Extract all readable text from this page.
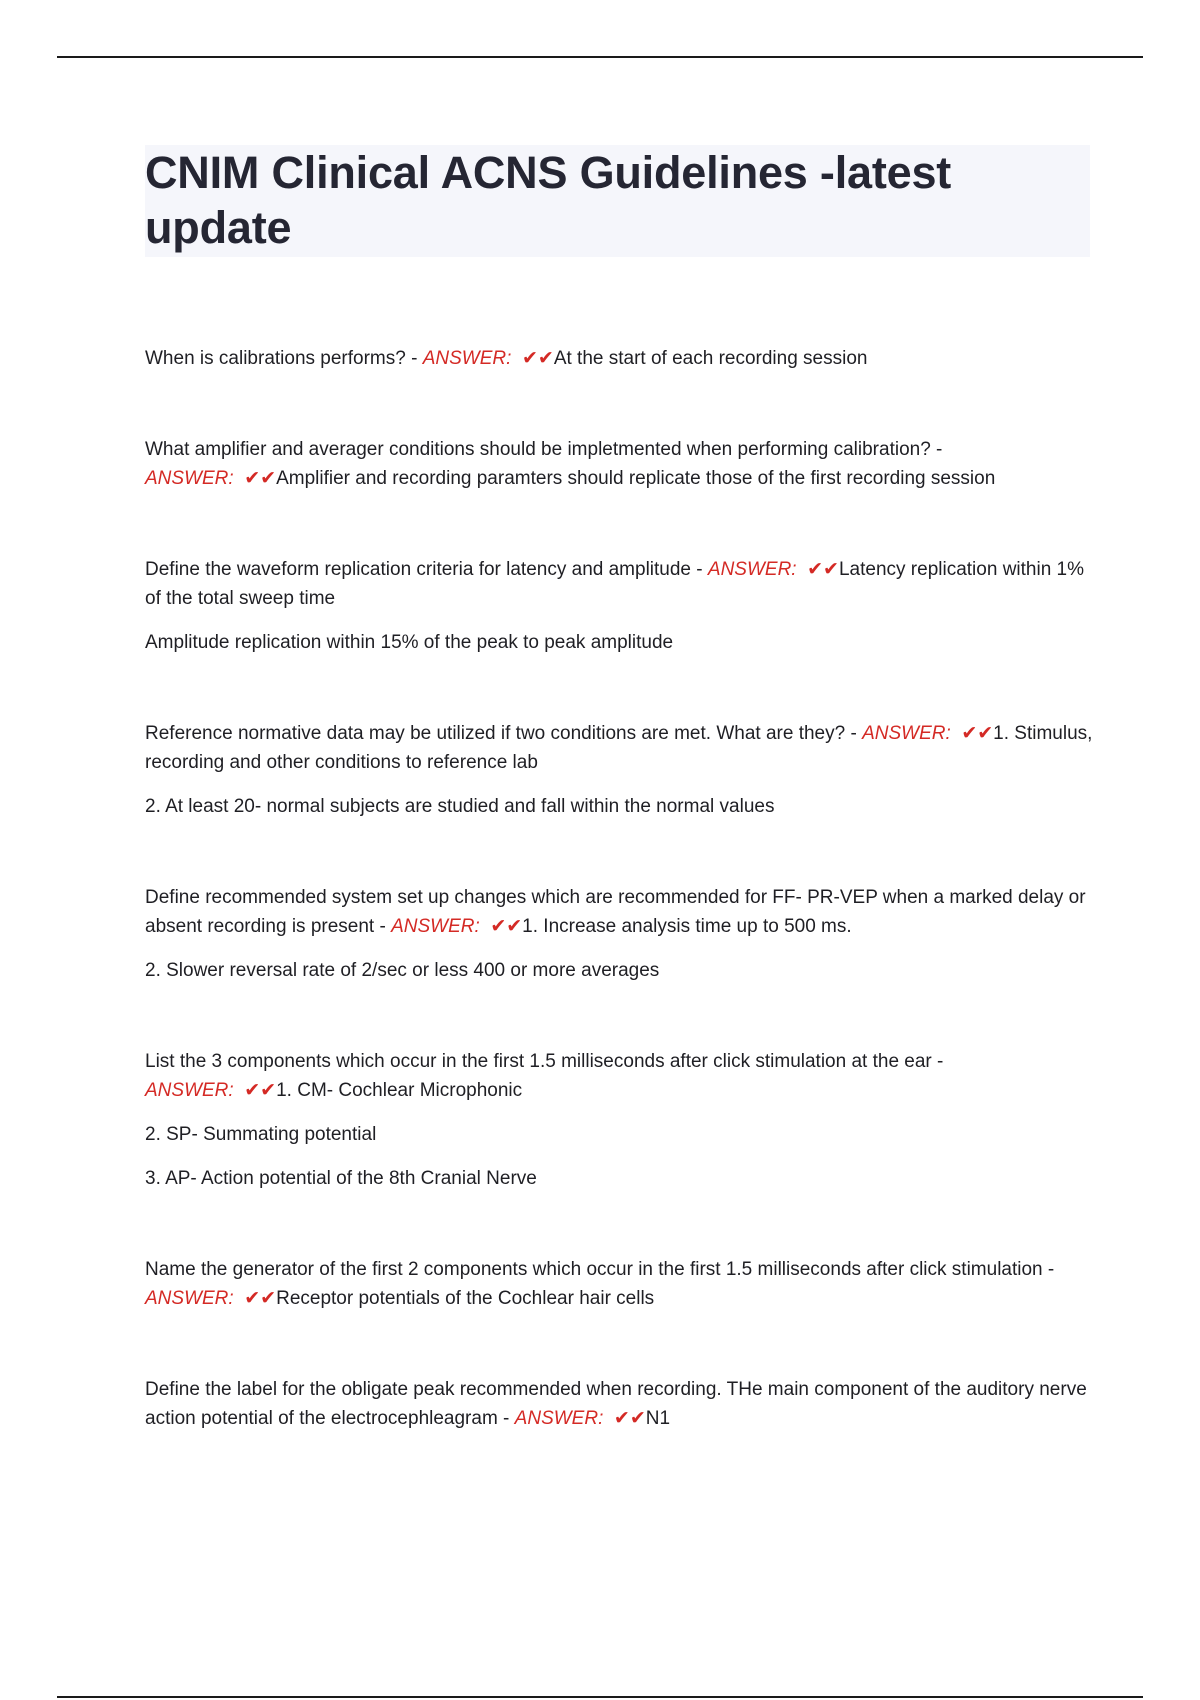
CNIM Clinical ACNS Guidelines -latest update

When is calibrations performs? - ANSWER: ✔✔At the start of each recording session

What amplifier and averager conditions should be impletmented when performing calibration? - ANSWER: ✔✔Amplifier and recording paramters should replicate those of the first recording session

Define the waveform replication criteria for latency and amplitude - ANSWER: ✔✔Latency replication within 1% of the total sweep time

Amplitude replication within 15% of the peak to peak amplitude

Reference normative data may be utilized if two conditions are met. What are they? - ANSWER: ✔✔1. Stimulus, recording and other conditions to reference lab

2. At least 20- normal subjects are studied and fall within the normal values

Define recommended system set up changes which are recommended for FF- PR-VEP when a marked delay or absent recording is present - ANSWER: ✔✔1. Increase analysis time up to 500 ms.

2. Slower reversal rate of 2/sec or less 400 or more averages

List the 3 components which occur in the first 1.5 milliseconds after click stimulation at the ear - ANSWER: ✔✔1. CM- Cochlear Microphonic

2. SP- Summating potential

3. AP- Action potential of the 8th Cranial Nerve

Name the generator of the first 2 components which occur in the first 1.5 milliseconds after click stimulation - ANSWER: ✔✔Receptor potentials of the Cochlear hair cells

Define the label for the obligate peak recommended when recording. THe main component of the auditory nerve action potential of the electrocephleagram - ANSWER: ✔✔N1
